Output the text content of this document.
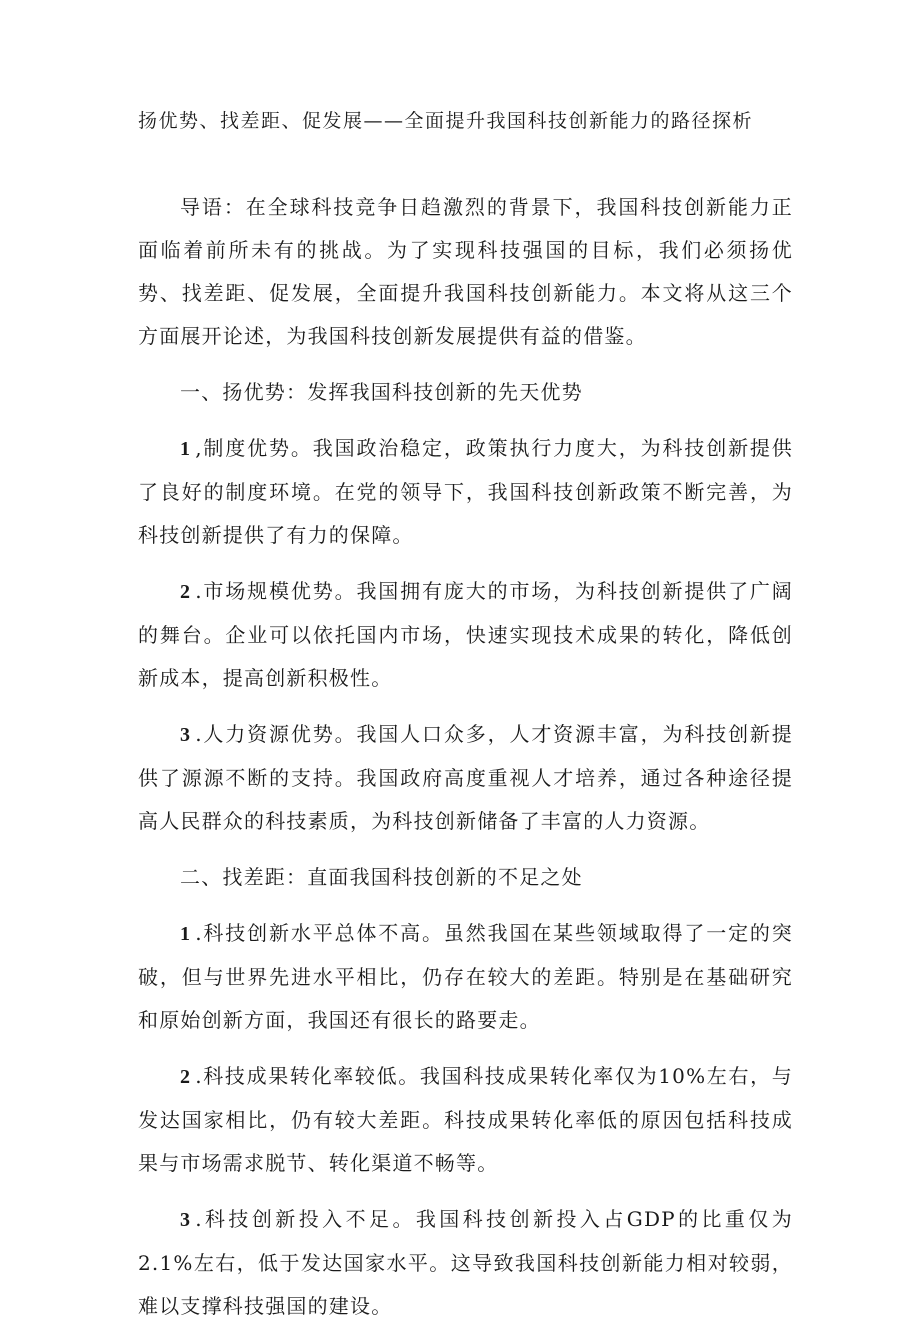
扬优势、找差距、促发展——全面提升我国科技创新能力的路径探析

导语：在全球科技竞争日趋激烈的背景下，我国科技创新能力正面临着前所未有的挑战。为了实现科技强国的目标，我们必须扬优势、找差距、促发展，全面提升我国科技创新能力。本文将从这三个方面展开论述，为我国科技创新发展提供有益的借鉴。

一、扬优势：发挥我国科技创新的先天优势

1 ,制度优势。我国政治稳定，政策执行力度大，为科技创新提供了良好的制度环境。在党的领导下，我国科技创新政策不断完善，为科技创新提供了有力的保障。

2 .市场规模优势。我国拥有庞大的市场，为科技创新提供了广阔的舞台。企业可以依托国内市场，快速实现技术成果的转化，降低创新成本，提高创新积极性。

3 .人力资源优势。我国人口众多，人才资源丰富，为科技创新提供了源源不断的支持。我国政府高度重视人才培养，通过各种途径提高人民群众的科技素质，为科技创新储备了丰富的人力资源。

二、找差距：直面我国科技创新的不足之处

1 .科技创新水平总体不高。虽然我国在某些领域取得了一定的突破，但与世界先进水平相比，仍存在较大的差距。特别是在基础研究和原始创新方面，我国还有很长的路要走。

2 .科技成果转化率较低。我国科技成果转化率仅为10%左右，与发达国家相比，仍有较大差距。科技成果转化率低的原因包括科技成果与市场需求脱节、转化渠道不畅等。

3 .科技创新投入不足。我国科技创新投入占GDP的比重仅为2.1%左右，低于发达国家水平。这导致我国科技创新能力相对较弱，难以支撑科技强国的建设。
